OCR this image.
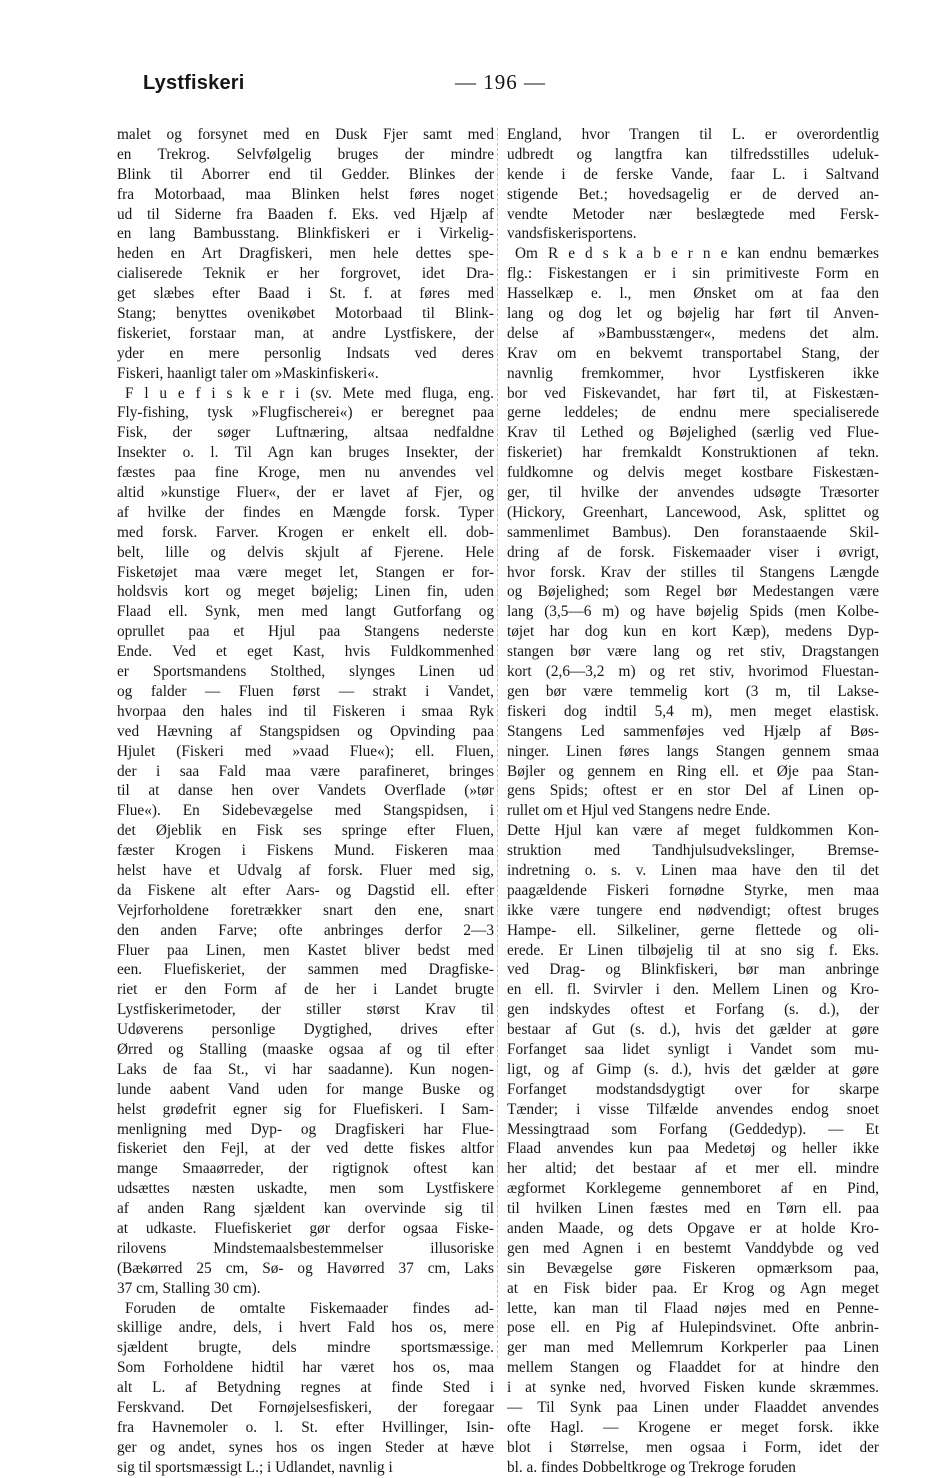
Lystfiskeri	— 196 —
malet og forsynet med en Dusk Fjer samt med
en Trekrog. Selvfølgelig bruges der mindre
Blink til Aborrer end til Gedder. Blinkes der
fra Motorbaad, maa Blinken helst føres noget
ud til Siderne fra Baaden f. Eks. ved Hjælp af
en lang Bambusstang. Blinkfiskeri er i Virkelig-
heden en Art Dragfiskeri, men hele dettes spe-
cialiserede Teknik er her forgrovet, idet Dra-
get slæbes efter Baad i St. f. at føres med
Stang; benyttes ovenikøbet Motorbaad til Blink-
fiskeriet, forstaar man, at andre Lystfiskere, der
yder en mere personlig Indsats ved deres
Fiskeri, haanligt taler om »Maskinfiskeri«.
F l u e f i s k e r i (sv. Mete med fluga, eng.
Fly-fishing, tysk »Flugfischerei«) er beregnet paa
Fisk, der søger Luftnæring, altsaa nedfaldne
Insekter o. l. Til Agn kan bruges Insekter, der
fæstes paa fine Kroge, men nu anvendes vel
altid »kunstige Fluer«, der er lavet af Fjer, og
af hvilke der findes en Mængde forsk. Typer
med forsk. Farver. Krogen er enkelt ell. dob-
belt, lille og delvis skjult af Fjerene. Hele
Fisketøjet maa være meget let, Stangen er for-
holdsvis kort og meget bøjelig; Linen fin, uden
Flaad ell. Synk, men med langt Gutforfang og
oprullet paa et Hjul paa Stangens nederste
Ende. Ved et eget Kast, hvis Fuldkommenhed
er Sportsmandens Stolthed, slynges Linen ud
og falder — Fluen først — strakt i Vandet,
hvorpaa den hales ind til Fiskeren i smaa Ryk
ved Hævning af Stangspidsen og Opvinding paa
Hjulet (Fiskeri med »vaad Flue«); ell. Fluen,
der i saa Fald maa være parafineret, bringes
til at danse hen over Vandets Overflade (»tør
Flue«). En Sidebevægelse med Stangspidsen, i
det Øjeblik en Fisk ses springe efter Fluen,
fæster Krogen i Fiskens Mund. Fiskeren maa
helst have et Udvalg af forsk. Fluer med sig,
da Fiskene alt efter Aars- og Dagstid ell. efter
Vejrforholdene foretrækker snart den ene, snart
den anden Farve; ofte anbringes derfor 2—3
Fluer paa Linen, men Kastet bliver bedst med
een. Fluefiskeriet, der sammen med Dragfiske-
riet er den Form af de her i Landet brugte
Lystfiskerimetoder, der stiller størst Krav til
Udøverens personlige Dygtighed, drives efter
Ørred og Stalling (maaske ogsaa af og til efter
Laks de faa St., vi har saadanne). Kun nogen-
lunde aabent Vand uden for mange Buske og
helst grødefrit egner sig for Fluefiskeri. I Sam-
menligning med Dyp- og Dragfiskeri har Flue-
fiskeriet den Fejl, at der ved dette fiskes altfor
mange Smaaørreder, der rigtignok oftest kan
udsættes næsten uskadte, men som Lystfiskere
af anden Rang sjældent kan overvinde sig til
at udkaste. Fluefiskeriet gør derfor ogsaa Fiske-
rilovens Mindstemaalsbestemmelser illusoriske
(Bækørred 25 cm, Sø- og Havørred 37 cm, Laks
37 cm, Stalling 30 cm).
Foruden de omtalte Fiskemaader findes ad-
skillige andre, dels, i hvert Fald hos os, mere
sjældent brugte, dels mindre sportsmæssige.
Som Forholdene hidtil har været hos os, maa
alt L. af Betydning regnes at finde Sted i
Ferskvand. Det Fornøjelsesfiskeri, der foregaar
fra Havnemoler o. l. St. efter Hvillinger, Isin-
ger og andet, synes hos os ingen Steder at hæve
sig til sportsmæssigt L.; i Udlandet, navnlig i
England, hvor Trangen til L. er overordentlig
udbredt og langtfra kan tilfredsstilles udeluk-
kende i de ferske Vande, faar L. i Saltvand
stigende Bet.; hovedsagelig er de derved an-
vendte Metoder nær beslægtede med Fersk-
vandsfiskerisportens.
Om R e d s k a b e r n e kan endnu bemærkes
flg.: Fiskestangen er i sin primitiveste Form en
Hasselkæp e. l., men Ønsket om at faa den
lang og dog let og bøjelig har ført til Anven-
delse af »Bambusstænger«, medens det alm.
Krav om en bekvemt transportabel Stang, der
navnlig fremkommer, hvor Lystfiskeren ikke
bor ved Fiskevandet, har ført til, at Fiskestæn-
gerne leddeles; de endnu mere specialiserede
Krav til Lethed og Bøjelighed (særlig ved Flue-
fiskeriet) har fremkaldt Konstruktionen af tekn.
fuldkomne og delvis meget kostbare Fiskestæn-
ger, til hvilke der anvendes udsøgte Træsorter
(Hickory, Greenhart, Lancewood, Ask, splittet og
sammenlimet Bambus). Den foranstaaende Skil-
dring af de forsk. Fiskemaader viser i øvrigt,
hvor forsk. Krav der stilles til Stangens Længde
og Bøjelighed; som Regel bør Medestangen være
lang (3,5—6 m) og have bøjelig Spids (men Kolbe-
tøjet har dog kun en kort Kæp), medens Dyp-
stangen bør være lang og ret stiv, Dragstangen
kort (2,6—3,2 m) og ret stiv, hvorimod Fluestan-
gen bør være temmelig kort (3 m, til Lakse-
fiskeri dog indtil 5,4 m), men meget elastisk.
Stangens Led sammenføjes ved Hjælp af Bøs-
ninger. Linen føres langs Stangen gennem smaa
Bøjler og gennem en Ring ell. et Øje paa Stan-
gens Spids; oftest er en stor Del af Linen op-
rullet om et Hjul ved Stangens nedre Ende.
Dette Hjul kan være af meget fuldkommen Kon-
struktion med Tandhjulsudvekslinger, Bremse-
indretning o. s. v. Linen maa have den til det
paagældende Fiskeri fornødne Styrke, men maa
ikke være tungere end nødvendigt; oftest bruges
Hampe- ell. Silkeliner, gerne flettede og oli-
erede. Er Linen tilbøjelig til at sno sig f. Eks.
ved Drag- og Blinkfiskeri, bør man anbringe
en ell. fl. Svirvler i den. Mellem Linen og Kro-
gen indskydes oftest et Forfang (s. d.), der
bestaar af Gut (s. d.), hvis det gælder at gøre
Forfanget saa lidet synligt i Vandet som mu-
ligt, og af Gimp (s. d.), hvis det gælder at gøre
Forfanget modstandsdygtigt over for skarpe
Tænder; i visse Tilfælde anvendes endog snoet
Messingtraad som Forfang (Geddedyp). — Et
Flaad anvendes kun paa Medetøj og heller ikke
her altid; det bestaar af et mer ell. mindre
ægformet Korklegeme gennemboret af en Pind,
til hvilken Linen fæstes med en Tørn ell. paa
anden Maade, og dets Opgave er at holde Kro-
gen med Agnen i en bestemt Vanddybde og ved
sin Bevægelse gøre Fiskeren opmærksom paa,
at en Fisk bider paa. Er Krog og Agn meget
lette, kan man til Flaad nøjes med en Penne-
pose ell. en Pig af Hulepindsvinet. Ofte anbrin-
ger man med Mellemrum Korkperler paa Linen
mellem Stangen og Flaaddet for at hindre den
i at synke ned, hvorved Fisken kunde skræmmes.
— Til Synk paa Linen under Flaaddet anvendes
ofte Hagl. — Krogene er meget forsk. ikke
blot i Størrelse, men ogsaa i Form, idet der
bl. a. findes Dobbeltkroge og Trekroge foruden
